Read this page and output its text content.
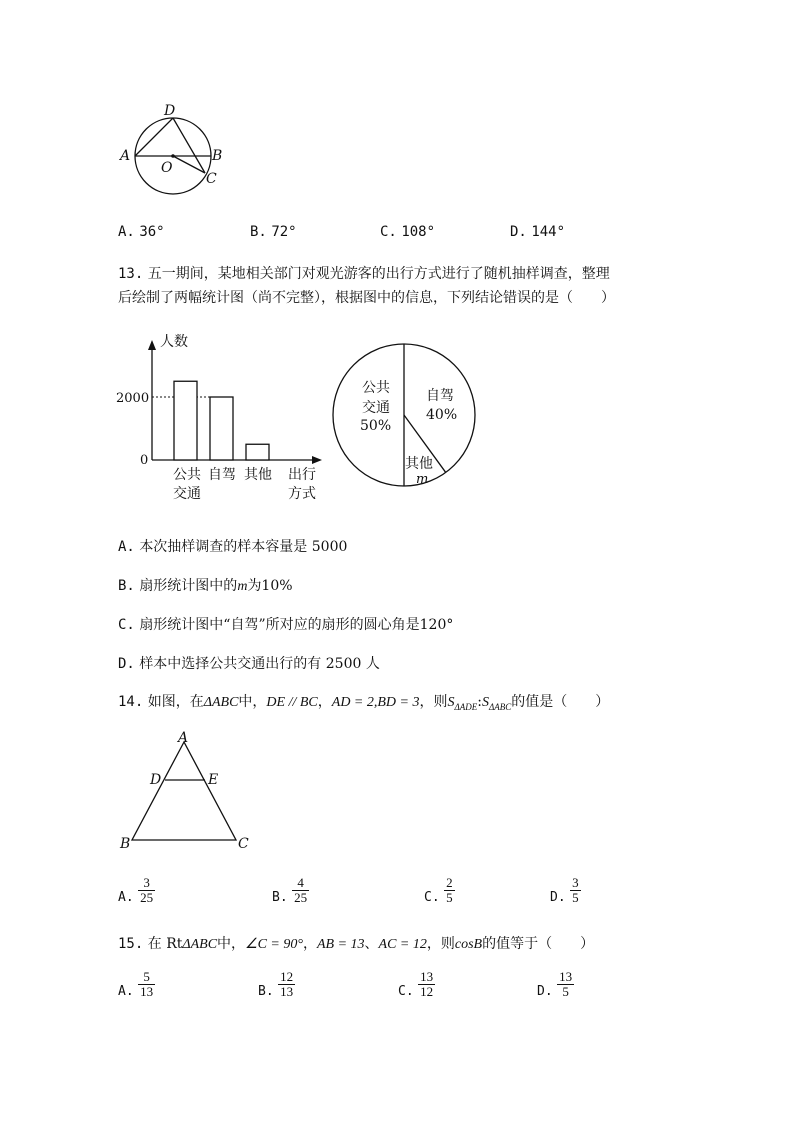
D
A	B
O
C
A. 36°	B. 72°	C. 108°	D. 144°
13. 五一期间，某地相关部门对观光游客的出行方式进行了随机抽样调查，整理
后绘制了两幅统计图（尚不完整），根据图中的信息，下列结论错误的是（　　）
2000
0
人数
公共
交通
自驾 其他 出行
方式
公共
交通
50%
自驾
40%
其他
m
A. 本次抽样调查的样本容量是 5000
B. 扇形统计图中的m为10%
C. 扇形统计图中“自驾”所对应的扇形的圆心角是120°
D. 样本中选择公共交通出行的有 2500 人
14. 如图，在ΔABC中，DE // BC，AD = 2,BD = 3，则$S_{\Delta ADE}:S_{\Delta ABC}$的值是（　　）
A
D	E
B	C
A. $\frac{3}{25}$	B. $\frac{4}{25}$	C. $\frac{2}{5}$	D. $\frac{3}{5}$
15. 在 RtΔABC中，∠C = 90°，AB = 13、AC = 12，则cosB的值等于（　　）
A. $\frac{5}{13}$	B. $\frac{12}{13}$	C. $\frac{13}{12}$	D. $\frac{13}{5}$
